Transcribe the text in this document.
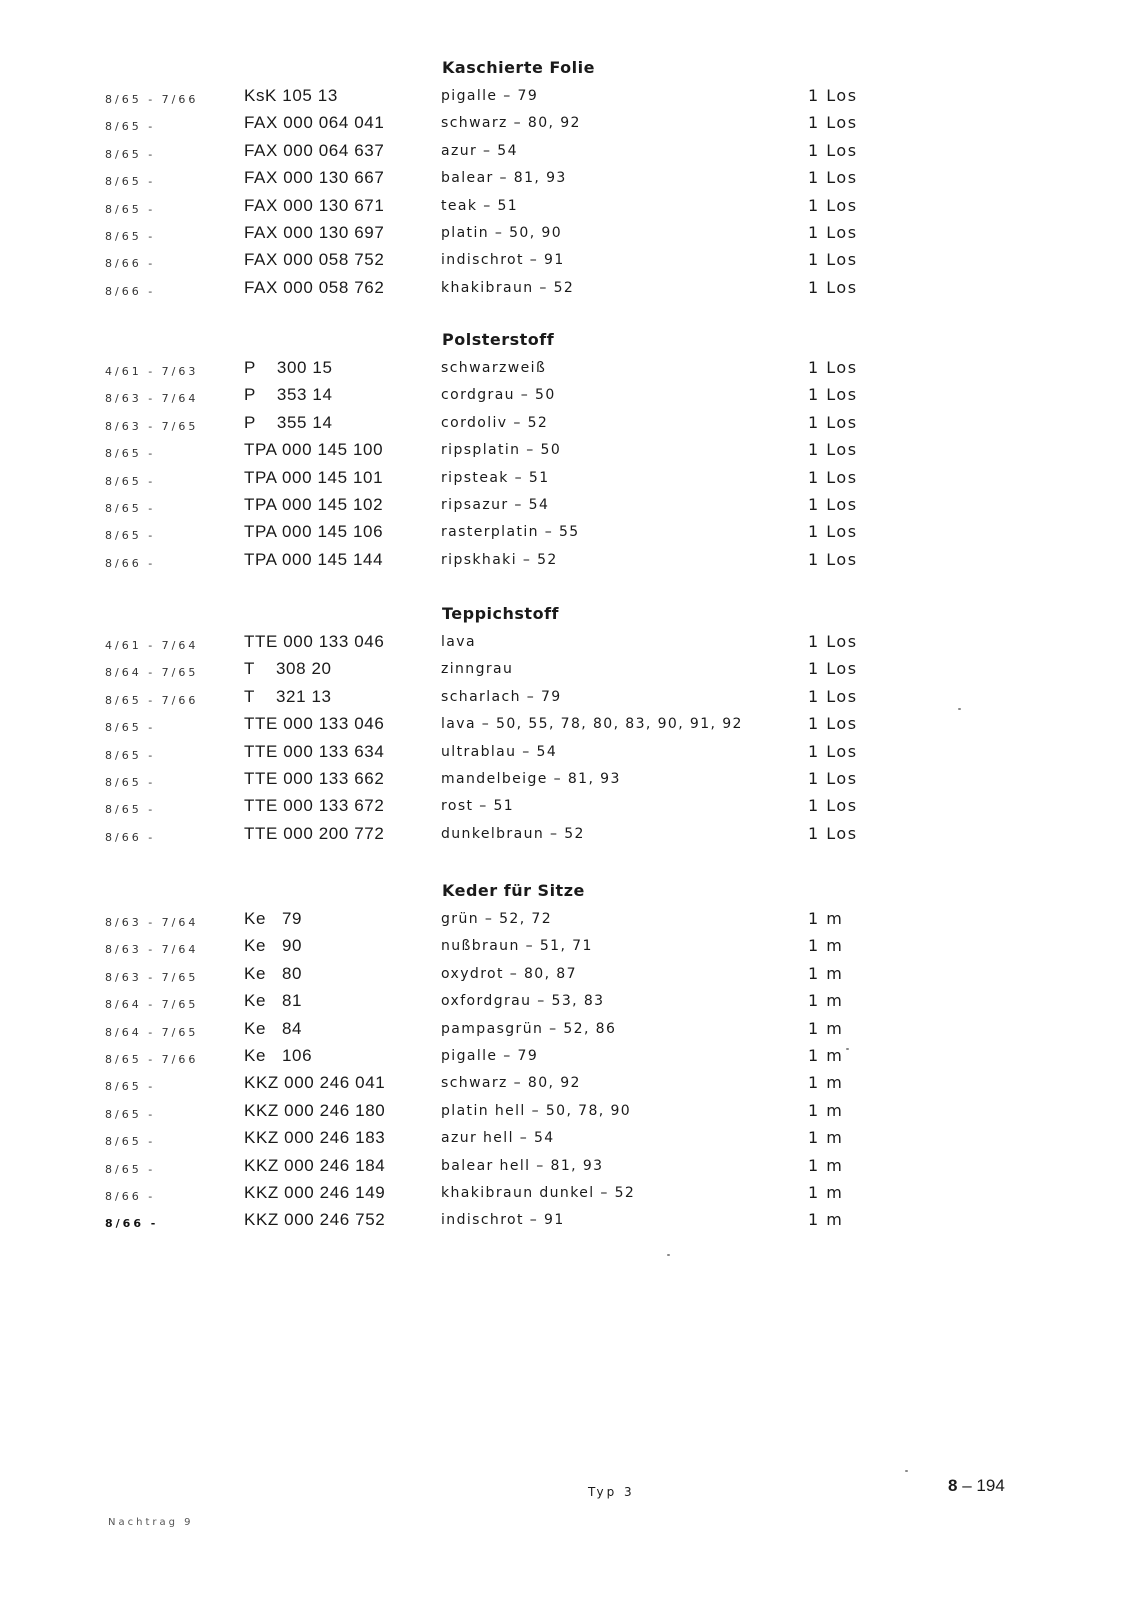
Kaschierte Folie
8/65 - 7/66	KsK 105 13	pigalle – 79	1 Los
8/65 -	FAX 000 064 041	schwarz – 80, 92	1 Los
8/65 -	FAX 000 064 637	azur – 54	1 Los
8/65 -	FAX 000 130 667	balear – 81, 93	1 Los
8/65 -	FAX 000 130 671	teak – 51	1 Los
8/65 -	FAX 000 130 697	platin – 50, 90	1 Los
8/66 -	FAX 000 058 752	indischrot – 91	1 Los
8/66 -	FAX 000 058 762	khakibraun – 52	1 Los
Polsterstoff
4/61 - 7/63	P    300 15	schwarzweiß	1 Los
8/63 - 7/64	P    353 14	cordgrau – 50	1 Los
8/63 - 7/65	P    355 14	cordoliv – 52	1 Los
8/65 -	TPA 000 145 100	ripsplatin – 50	1 Los
8/65 -	TPA 000 145 101	ripsteak – 51	1 Los
8/65 -	TPA 000 145 102	ripsazur – 54	1 Los
8/65 -	TPA 000 145 106	rasterplatin – 55	1 Los
8/66 -	TPA 000 145 144	ripskhaki – 52	1 Los
Teppichstoff
4/61 - 7/64	TTE 000 133 046	lava	1 Los
8/64 - 7/65	T    308 20	zinngrau	1 Los
8/65 - 7/66	T    321 13	scharlach – 79	1 Los
8/65 -	TTE 000 133 046	lava – 50, 55, 78, 80, 83, 90, 91, 92	1 Los
8/65 -	TTE 000 133 634	ultrablau – 54	1 Los
8/65 -	TTE 000 133 662	mandelbeige – 81, 93	1 Los
8/65 -	TTE 000 133 672	rost – 51	1 Los
8/66 -	TTE 000 200 772	dunkelbraun – 52	1 Los
Keder für Sitze
8/63 - 7/64	Ke   79	grün – 52, 72	1 m
8/63 - 7/64	Ke   90	nußbraun – 51, 71	1 m
8/63 - 7/65	Ke   80	oxydrot – 80, 87	1 m
8/64 - 7/65	Ke   81	oxfordgrau – 53, 83	1 m
8/64 - 7/65	Ke   84	pampasgrün – 52, 86	1 m
8/65 - 7/66	Ke   106	pigalle – 79	1 m
8/65 -	KKZ 000 246 041	schwarz – 80, 92	1 m
8/65 -	KKZ 000 246 180	platin hell – 50, 78, 90	1 m
8/65 -	KKZ 000 246 183	azur hell – 54	1 m
8/65 -	KKZ 000 246 184	balear hell – 81, 93	1 m
8/66 -	KKZ 000 246 149	khakibraun dunkel – 52	1 m
8/66 -	KKZ 000 246 752	indischrot – 91	1 m
Typ 3	8 – 194
Nachtrag 9
